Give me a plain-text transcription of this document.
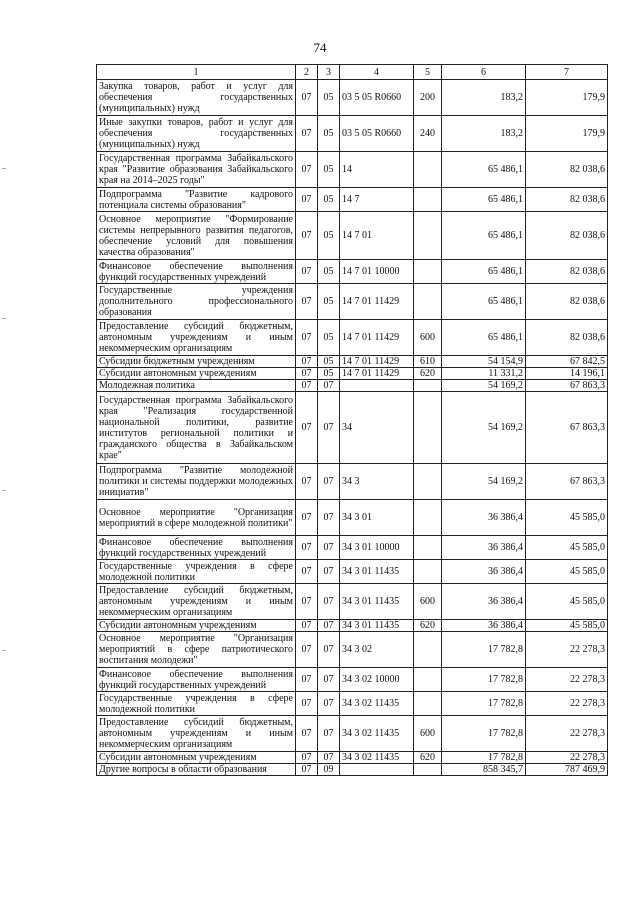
74
1	2	3	4	5	6	7
Закупка товаров, работ и услуг для обеспечения государственных (муниципальных) нужд	07	05	03 5 05 R0660	200	183,2	179,9
Иные закупки товаров, работ и услуг для обеспечения государственных (муниципальных) нужд	07	05	03 5 05 R0660	240	183,2	179,9
Государственная программа Забайкальского края "Развитие образования Забайкальского края на 2014–2025 годы"	07	05	14		65 486,1	82 038,6
Подпрограмма "Развитие кадрового потенциала системы образования"	07	05	14 7		65 486,1	82 038,6
Основное мероприятие "Формирование системы непрерывного развития педагогов, обеспечение условий для повышения качества образования"	07	05	14 7 01		65 486,1	82 038,6
Финансовое обеспечение выполнения функций государственных учреждений	07	05	14 7 01 10000		65 486,1	82 038,6
Государственные учреждения дополнительного профессионального образования	07	05	14 7 01 11429		65 486,1	82 038,6
Предоставление субсидий бюджетным, автономным учреждениям и иным некоммерческим организациям	07	05	14 7 01 11429	600	65 486,1	82 038,6
Субсидии бюджетным учреждениям	07	05	14 7 01 11429	610	54 154,9	67 842,5
Субсидии автономным учреждениям	07	05	14 7 01 11429	620	11 331,2	14 196,1
Молодежная политика	07	07			54 169,2	67 863,3
Государственная программа Забайкальского края "Реализация государственной национальной политики, развитие институтов региональной политики и гражданского общества в Забайкальском крае"	07	07	34		54 169,2	67 863,3
Подпрограмма "Развитие молодежной политики и системы поддержки молодежных инициатив"	07	07	34 3		54 169,2	67 863,3
Основное мероприятие "Организация мероприятий в сфере молодежной политики"	07	07	34 3 01		36 386,4	45 585,0
Финансовое обеспечение выполнения функций государственных учреждений	07	07	34 3 01 10000		36 386,4	45 585,0
Государственные учреждения в сфере молодежной политики	07	07	34 3 01 11435		36 386,4	45 585,0
Предоставление субсидий бюджетным, автономным учреждениям и иным некоммерческим организациям	07	07	34 3 01 11435	600	36 386,4	45 585,0
Субсидии автономным учреждениям	07	07	34 3 01 11435	620	36 386,4	45 585,0
Основное мероприятие "Организация мероприятий в сфере патриотического воспитания молодежи"	07	07	34 3 02		17 782,8	22 278,3
Финансовое обеспечение выполнения функций государственных учреждений	07	07	34 3 02 10000		17 782,8	22 278,3
Государственные учреждения в сфере молодежной политики	07	07	34 3 02 11435		17 782,8	22 278,3
Предоставление субсидий бюджетным, автономным учреждениям и иным некоммерческим организациям	07	07	34 3 02 11435	600	17 782,8	22 278,3
Субсидии автономным учреждениям	07	07	34 3 02 11435	620	17 782,8	22 278,3
Другие вопросы в области образования	07	09			858 345,7	787 469,9
